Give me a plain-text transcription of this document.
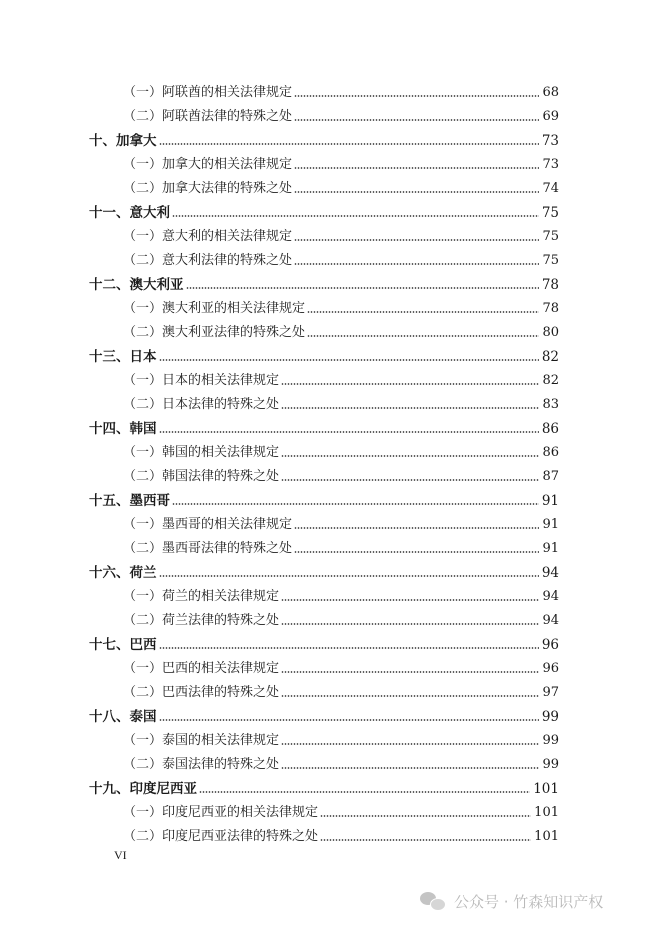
（一）阿联酋的相关法律规定	68
（二）阿联酋法律的特殊之处	69
十、加拿大	73
（一）加拿大的相关法律规定	73
（二）加拿大法律的特殊之处	74
十一、意大利	75
（一）意大利的相关法律规定	75
（二）意大利法律的特殊之处	75
十二、澳大利亚	78
（一）澳大利亚的相关法律规定	78
（二）澳大利亚法律的特殊之处	80
十三、日本	82
（一）日本的相关法律规定	82
（二）日本法律的特殊之处	83
十四、韩国	86
（一）韩国的相关法律规定	86
（二）韩国法律的特殊之处	87
十五、墨西哥	91
（一）墨西哥的相关法律规定	91
（二）墨西哥法律的特殊之处	91
十六、荷兰	94
（一）荷兰的相关法律规定	94
（二）荷兰法律的特殊之处	94
十七、巴西	96
（一）巴西的相关法律规定	96
（二）巴西法律的特殊之处	97
十八、泰国	99
（一）泰国的相关法律规定	99
（二）泰国法律的特殊之处	99
十九、印度尼西亚	101
（一）印度尼西亚的相关法律规定	101
（二）印度尼西亚法律的特殊之处	101
VI
公众号 · 竹森知识产权
